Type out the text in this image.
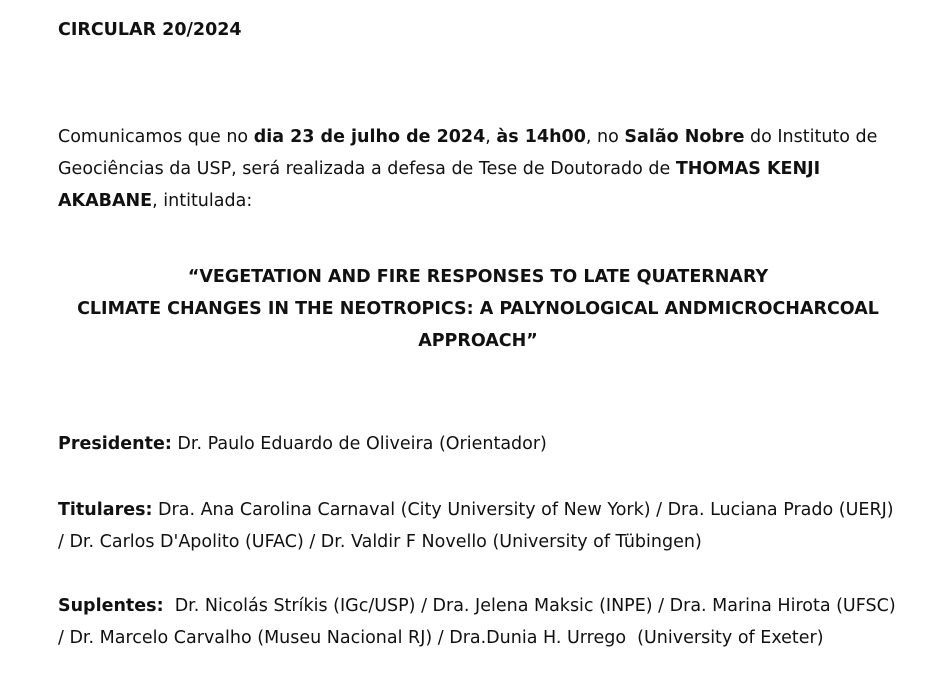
CIRCULAR 20/2024

Comunicamos que no dia 23 de julho de 2024, às 14h00, no Salão Nobre do Instituto de Geociências da USP, será realizada a defesa de Tese de Doutorado de THOMAS KENJI AKABANE, intitulada:

“VEGETATION AND FIRE RESPONSES TO LATE QUATERNARY
CLIMATE CHANGES IN THE NEOTROPICS: A PALYNOLOGICAL ANDMICROCHARCOAL
APPROACH”

Presidente: Dr. Paulo Eduardo de Oliveira (Orientador)

Titulares: Dra. Ana Carolina Carnaval (City University of New York) / Dra. Luciana Prado (UERJ) / Dr. Carlos D'Apolito (UFAC) / Dr. Valdir F Novello (University of Tübingen)

Suplentes:  Dr. Nicolás Stríkis (IGc/USP) / Dra. Jelena Maksic (INPE) / Dra. Marina Hirota (UFSC) / Dr. Marcelo Carvalho (Museu Nacional RJ) / Dra.Dunia H. Urrego  (University of Exeter)
